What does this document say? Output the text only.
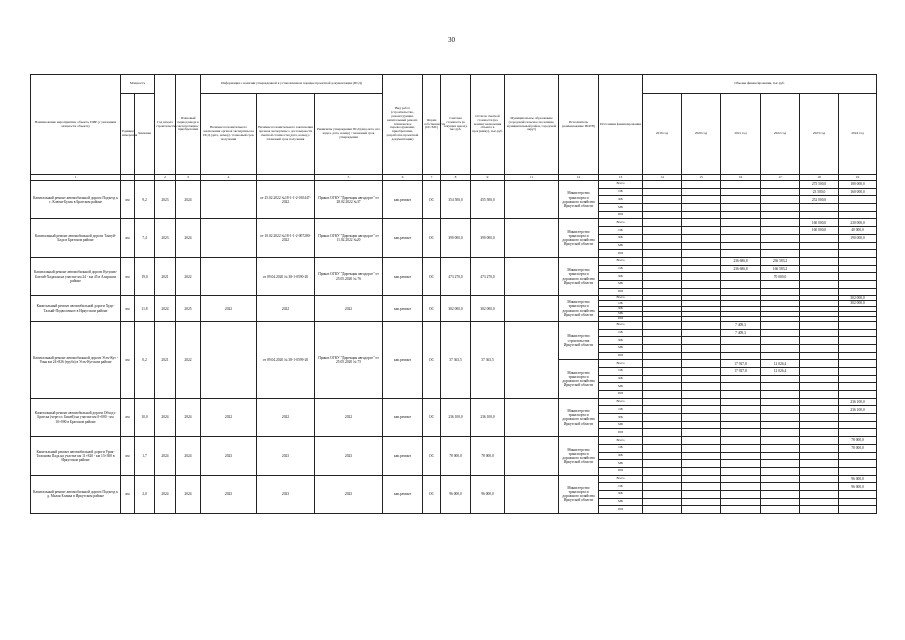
30
Наименование мероприятия, объекта, ПИР (с указанием мощности объекта)	Мощность		Год начала строительства	Плановый период ввода в эксплуатацию/приобретения	Информация о наличии утвержденной в установленном порядке проектной документации (ПСД)			Вид работ (строительство, реконструкция, капитальный ремонт, техническое перевооружение, приобретение, разработка проектной документации)	Форма собственности (ОС/МС)	Сметная стоимость (в текущих ценах), тыс.руб.	Остаток сметной стоимости (на момент включения объекта в программу), тыс.руб.	Муниципальное образование (городской/сельское поселение, муниципальный район, городской округ)	Исполнитель (наименование ИОГВ)	Источники финансирования	Объемы финансирования, тыс.руб.					
	Единица измерения	Значение			Наличие положительного заключения органов экспертизы на ПСД (дата, номер) / плановый срок получения	Наличие положительного заключения органов экспертизы о достоверности сметной стоимости (дата, номер) / плановый срок получения	Реквизиты утверждения ПСД (вид акта, кто издал, дата, номер) / плановый срок утверждения								2019 год	2020 год	2021 год	2022 год	2023 год	2024 год
1			2	3	4		5	6	7	8	9	11	12	13	14	15	16	17	18	19
Капитальный ремонт автомобильной дороги Подъезд к с. Ключи-Булак в Братском районе	км	9,2	2023	2024		от 25.02.2022 №18-1-1-2-010447-2022	Приказ ОГКУ "Дирекция автодорог" от 28.02.2022 №37	кап.ремонт	ОС	354 500,0	455 500,0		Министерство транспорта и дорожного хозяйства Иркутской области	Всего					275 500,0	180 000,0
														ОБ					23 500,0	160 000,0
														ФБ					252 000,0	
														МБ						
														ИИ						
Капитальный ремонт автомобильной дороги Тангуй-Бада в Братском районе	км	7,4	2023	2024		от 10.02.2022 №18-1-1-2-007280-2022	Приказ ОГКУ "Дирекция автодорог" от 11.02.2022 №20	кап.ремонт	ОС	390 000,0	390 000,0		Министерство транспорта и дорожного хозяйства Иркутской области	Всего					160 000,0	230 000,0
														ОБ					160 000,0	40 000,0
														ФБ						190 000,0
														МБ						
														ИИ						
Капитальный ремонт автомобильной дороги Кутулик-Бахтай-Хадахан на участке км 24 - км 45 в Аларском районе	км	19,0	2021	2022		от 09.04.2020 № 38-1-0590-20	Приказ ОГКУ "Дирекция автодорог" от 25.05.2020 № 76	кап.ремонт	ОС	473 270,0	473 270,0		Министерство транспорта и дорожного хозяйства Иркутской области	Всего			236 686,8	236 583,2		
														ОБ			236 686,8	166 583,2		
														ФБ				70 000,0		
														МБ						
														ИИ						
Капитальный ремонт автомобильной дороги Худо-Тальяй-Подволочное в Иркутском районе	км	11,8	2024	2025	2022	2022	2022	кап.ремонт	ОС	302 000,0	302 000,0		Министерство транспорта и дорожного хозяйства Иркутской области	Всего						302 000,0
														ОБ						302 000,0
														ФБ						
														МБ						
														ИИ						
Капитальный ремонт автомобильной дороги Усть-Кут - Уоян км 24+826 (труба) в Усть-Кутском районе	км	0,2	2021	2022		от 09.04.2020 № 38-1-0599-20	Приказ ОГКУ "Дирекция автодорог" от 25.05.2020 № 75	кап.ремонт	ОС	37 363,5	37 363,5		Министерство строительства Иркутской области	Всего			7 409,3			
														ОБ			7 409,3			
														ФБ						
														МБ						
														ИИ						
													Министерство транспорта и дорожного хозяйства Иркутской области	Всего			17 927,8	12 026,4		
														ОБ			17 927,8	12 026,4		
														ФБ						
														МБ						
														ИИ						
Капитальный ремонт автомобильной дороги Обход г. Братска (через п. Бикей) на участке км 0+000 - км 10+000 в Братском районе	км	10,0	2024	2024	2022	2022	2022	кап.ремонт	ОС	236 100,0	236 100,0		Министерство транспорта и дорожного хозяйства Иркутской области	Всего						236 100,0
														ОБ						236 100,0
														ФБ						
														МБ						
														ИИ						
Капитальный ремонт автомобильной дороги Урик-Тихонова Падь на участке км 11+820 - км 13+300 в Иркутском районе	км	1,7	2024	2024	2023	2023	2023	кап.ремонт	ОС	78 000,0	78 000,0		Министерство транспорта и дорожного хозяйства Иркутской области	Всего						78 000,0
														ОБ						78 000,0
														ФБ						
														МБ						
														ИИ						
Капитальный ремонт автомобильной дороги Подъезд к д. Малая Еланка в Иркутском районе	км	2,0	2024	2024	2023	2023	2023	кап.ремонт	ОС	96 000,0	96 000,0		Министерство транспорта и дорожного хозяйства Иркутской области	Всего						96 000,0
														ОБ						96 000,0
														ФБ						
														МБ						
														ИИ						
